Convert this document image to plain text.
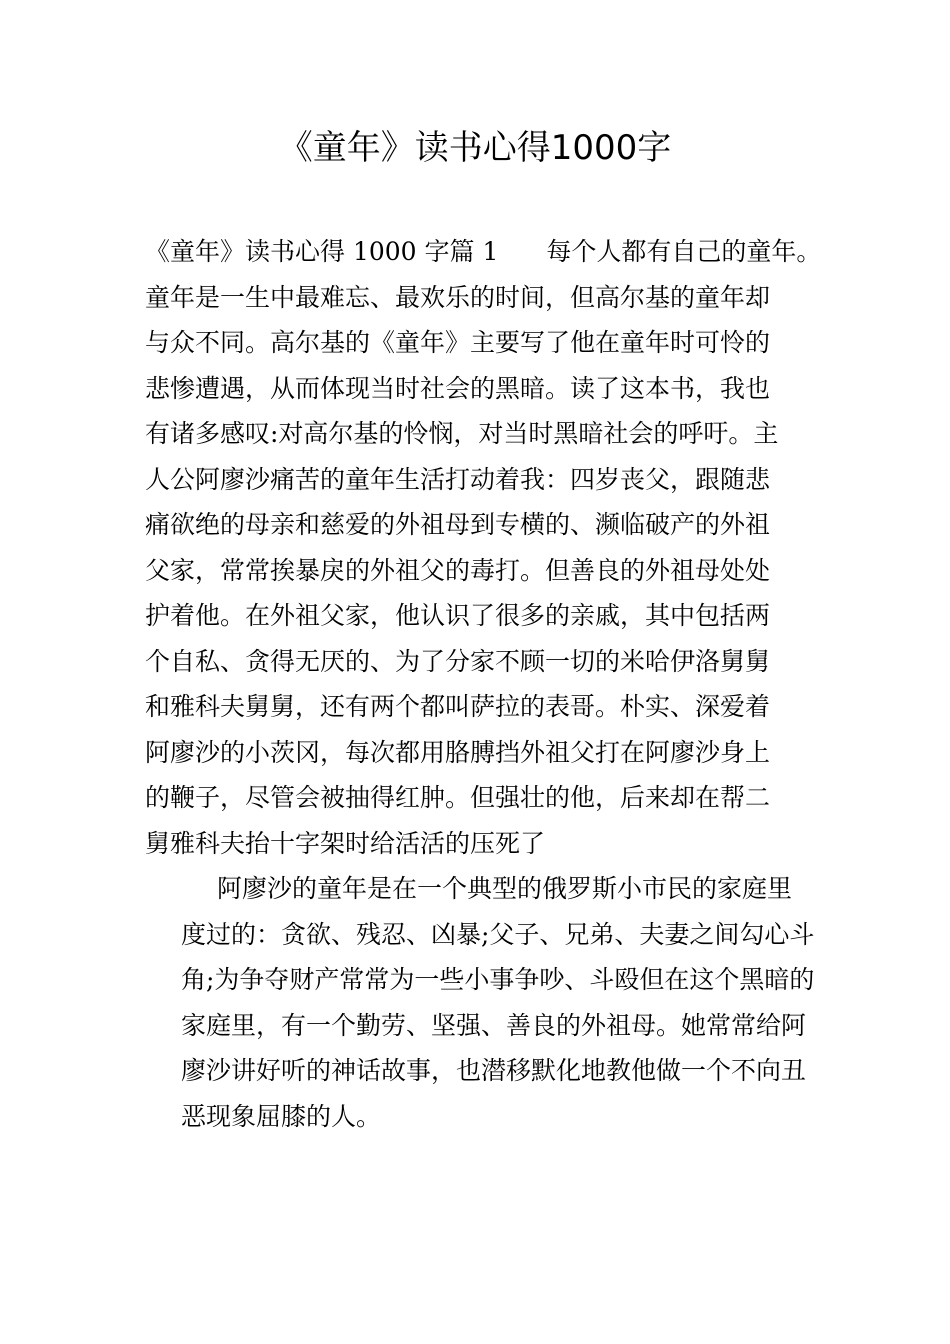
《童年》读书心得1000字
《童年》读书心得 1000 字篇 1 每个人都有自己的童年。
童年是一生中最难忘、最欢乐的时间，但高尔基的童年却
与众不同。高尔基的《童年》主要写了他在童年时可怜的
悲惨遭遇，从而体现当时社会的黑暗。读了这本书，我也
有诸多感叹:对高尔基的怜悯，对当时黑暗社会的呼吁。主
人公阿廖沙痛苦的童年生活打动着我：四岁丧父，跟随悲
痛欲绝的母亲和慈爱的外祖母到专横的、濒临破产的外祖
父家，常常挨暴戾的外祖父的毒打。但善良的外祖母处处
护着他。在外祖父家，他认识了很多的亲戚，其中包括两
个自私、贪得无厌的、为了分家不顾一切的米哈伊洛舅舅
和雅科夫舅舅，还有两个都叫萨拉的表哥。朴实、深爱着
阿廖沙的小茨冈，每次都用胳膊挡外祖父打在阿廖沙身上
的鞭子，尽管会被抽得红肿。但强壮的他，后来却在帮二
舅雅科夫抬十字架时给活活的压死了
阿廖沙的童年是在一个典型的俄罗斯小市民的家庭里
度过的：贪欲、残忍、凶暴;父子、兄弟、夫妻之间勾心斗
角;为争夺财产常常为一些小事争吵、斗殴但在这个黑暗的
家庭里，有一个勤劳、坚强、善良的外祖母。她常常给阿
廖沙讲好听的神话故事，也潜移默化地教他做一个不向丑
恶现象屈膝的人。
